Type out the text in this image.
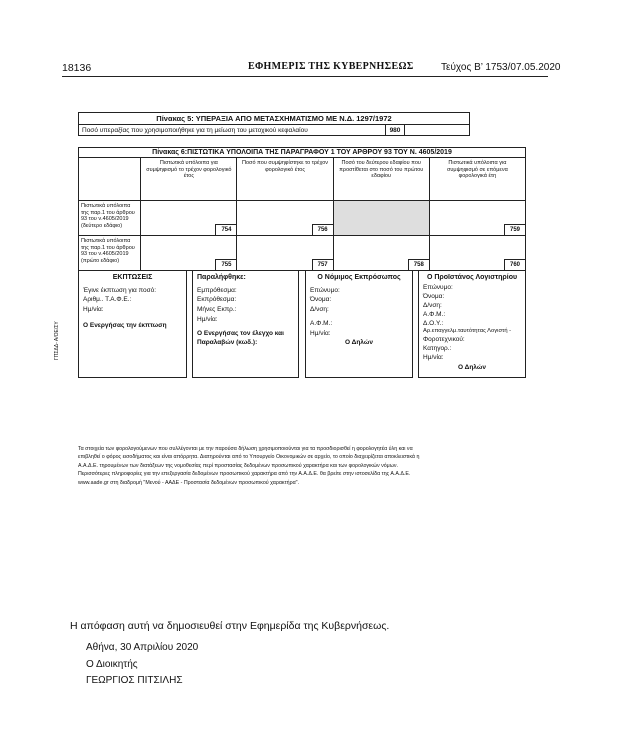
18136	ΕΦΗΜΕΡΙΣ ΤΗΣ ΚΥΒΕΡΝΗΣΕΩΣ	Τεύχος Β’ 1753/07.05.2020
Πίνακας 5: ΥΠΕΡΑΞΙΑ ΑΠΟ ΜΕΤΑΣΧΗΜΑΤΙΣΜΟ ΜΕ Ν.Δ. 1297/1972
Ποσό υπεραξίας που χρησιμοποιήθηκε για τη μείωση του μετοχικού κεφαλαίου	980
Πίνακας 6:ΠΙΣΤΩΤΙΚΑ ΥΠΟΛΟΙΠΑ ΤΗΣ ΠΑΡΑΓΡΑΦΟΥ 1 ΤΟΥ ΑΡΘΡΟΥ 93 ΤΟΥ Ν. 4605/2019				
	Πιστωτικά υπόλοιπα για συμψηφισμό το τρέχον φορολογικό έτος	Ποσό που συμψηφίστηκε το τρέχον φορολογικό έτος	Ποσό του δεύτερου εδαφίου που προστίθεται στο ποσό του πρώτου εδαφίου	Πιστωτικά υπόλοιπα για συμψηφισμό σε επόμενα φορολογικά έτη
Πιστωτικά υπόλοιπα της παρ.1 του άρθρου 93 του ν.4605/2019 (δεύτερο εδάφιο)	754	756		759

Πιστωτικά υπόλοιπα της παρ.1 του άρθρου 93 του ν.4605/2019 (πρώτο εδάφιο)	755	757	758	760
ΕΚΠΤΩΣΕΙΣ
Έγινε έκπτωση για ποσό:
Αριθμ.. Τ.Α.Φ.Ε.:
Ημ/νία:
Ο Ενεργήσας την έκπτωση
Παραλήφθηκε:
Εμπρόθεσμα:
Εκπρόθεσμα:
Μήνες Εκπρ.:
Ημ/νία:
Ο Ενεργήσας τον έλεγχο και Παραλαβών (κωδ.):
Ο Νόμιμος Εκπρόσωπος
Επώνυμο:
Όνομα:
Δ/νση:
Α.Φ.Μ.:
Ημ/νία:
Ο Δηλών
Ο Προϊστάνος Λογιστηρίου
Επώνυμο:
Όνομα:
Δ/νση:
Α.Φ.Μ.:
Δ.Ο.Υ.:
Αρ.επαγγελμ.ταυτότητας Λογιστή -
Φοροτεχνικού:
Κατηγορ.:
Ημ/νία:
Ο Δηλών
ΓΠΣΔΔ- Α/ΟΕ/ΣΥ

Τα στοιχεία των φορολογούμενων που συλλέγονται με την παρούσα δήλωση χρησιμοποιούνται για τα προσδιορισθεί η φορολογητέα ύλη και να

επιβληθεί ο φόρος εισοδήματος και είναι απόρρητα. Διατηρούνται από το Υπουργείο Οικονομικών σε αρχείο, το οποίο διαχειρίζεται αποκλειστικά η

Α.Α.Δ.Ε. τηρουμένων των διατάξεων της νομοθεσίας περί προστασίας δεδομένων προσωπικού χαρακτήρα και των φορολογικών νόμων.

Περισσότερες πληροφορίες για την επεξεργασία δεδομένων προσωπικού χαρακτήρα από την Α.Α.Δ.Ε. θα βρείτε στην ιστοσελίδα της Α.Α.Δ.Ε.

www.aade.gr στη διαδρομή "Μενού - ΑΑΔΕ - Προστασία δεδομένων προσωπικού χαρακτήρα".

Η απόφαση αυτή να δημοσιευθεί στην Εφημερίδα της Κυβερνήσεως.
Αθήνα, 30 Απριλίου 2020
Ο Διοικητής
ΓΕΩΡΓΙΟΣ ΠΙΤΣΙΛΗΣ
